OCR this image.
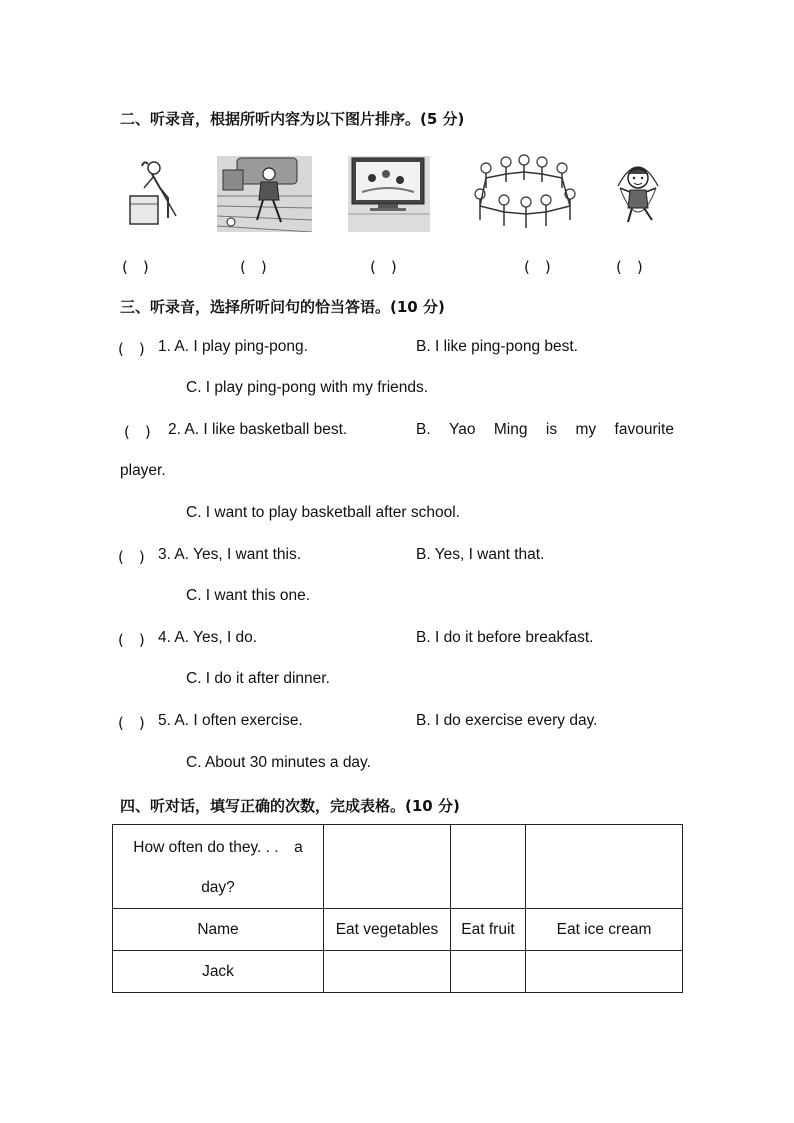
二、听录音，根据所听内容为以下图片排序。(5 分)
(　)	(　)	(　)	(　)	(　)
三、听录音，选择所听问句的恰当答语。(10 分)
(　) 1. A. I play ping-pong.	B. I like ping-pong best.
C. I play ping-pong with my friends.
(　) 2. A. I like basketball best.	B. Yao Ming is my favourite
player.
C. I want to play basketball after school.
(　) 3. A. Yes, I want this.	B. Yes, I want that.
C. I want this one.
(　) 4. A. Yes, I do.	B. I do it before breakfast.
C. I do it after dinner.
(　) 5. A. I often exercise.	B. I do exercise every day.
C. About 30 minutes a day.
四、听对话，填写正确的次数，完成表格。(10 分)
How often do they. . .　a
day?			

Name	Eat vegetables	Eat fruit	Eat ice cream
Jack			
